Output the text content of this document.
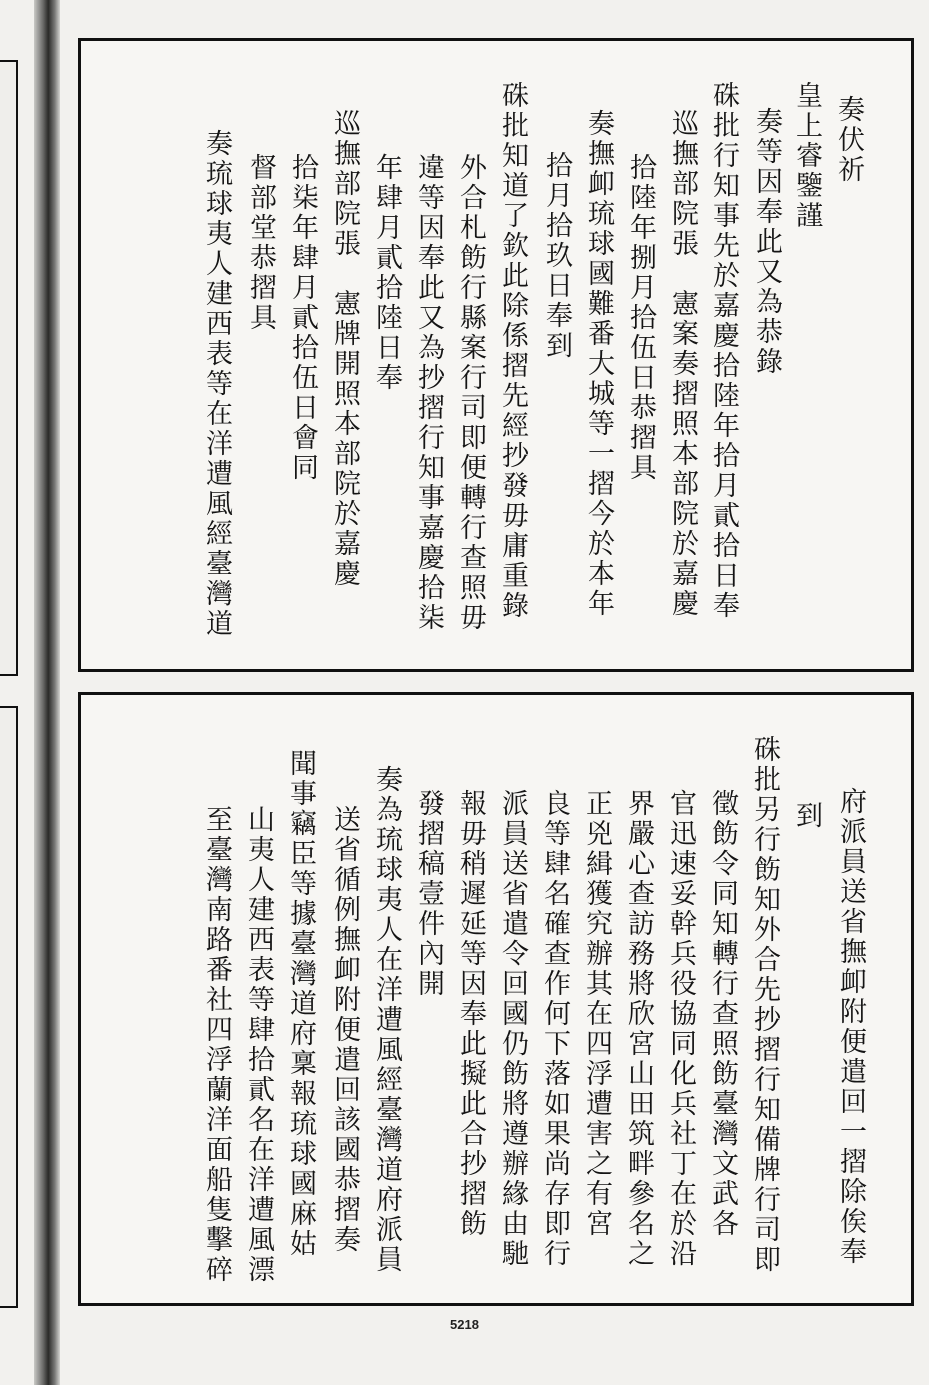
奏伏祈
皇上睿鑒謹
奏等因奉此又為恭錄
硃批行知事先於嘉慶拾陸年拾月貳拾日奉
巡撫部院張　憲案奏摺照本部院於嘉慶
拾陸年捌月拾伍日恭摺具
奏撫卹琉球國難番大城等一摺今於本年
拾月拾玖日奉到
硃批知道了欽此除係摺先經抄發毋庸重錄
外合札飭行縣案行司即便轉行查照毋
違等因奉此又為抄摺行知事嘉慶拾柒
年肆月貳拾陸日奉
巡撫部院張　憲牌開照本部院於嘉慶
拾柒年肆月貳拾伍日會同
督部堂恭摺具
奏琉球夷人建西表等在洋遭風經臺灣道
府派員送省撫卹附便遣回一摺除俟奉
到
硃批另行飭知外合先抄摺行知備牌行司即
徵飭令同知轉行查照飭臺灣文武各
官迅速妥幹兵役協同化兵社丁在於沿
界嚴心查訪務將欣宮山田筑畔參名之
正兇緝獲究辦其在四浮遭害之有宮
良等肆名確查作何下落如果尚存即行
派員送省遣令回國仍飭將遵辦緣由馳
報毋稍遲延等因奉此擬此合抄摺飭
發摺稿壹件內開
奏為琉球夷人在洋遭風經臺灣道府派員
送省循例撫卹附便遣回該國恭摺奏
聞事竊臣等據臺灣道府稟報琉球國麻姑
山夷人建西表等肆拾貳名在洋遭風漂
至臺灣南路番社四浮蘭洋面船隻擊碎
5218
